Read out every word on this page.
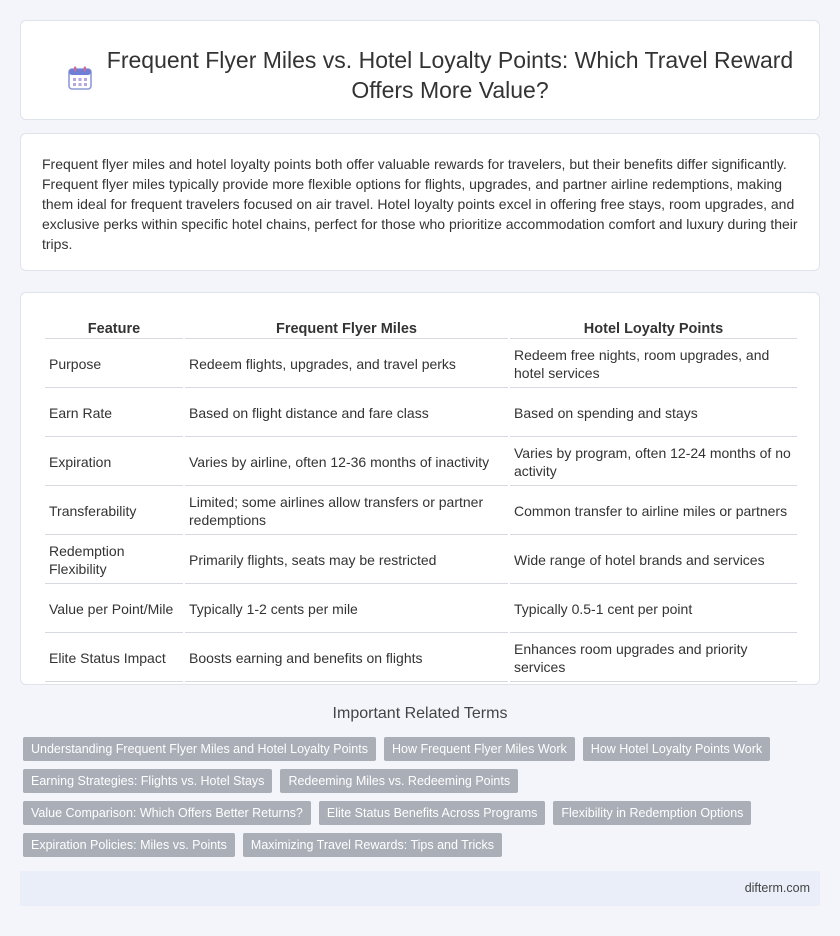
Frequent Flyer Miles vs. Hotel Loyalty Points: Which Travel Reward Offers More Value?

Frequent flyer miles and hotel loyalty points both offer valuable rewards for travelers, but their benefits differ significantly. Frequent flyer miles typically provide more flexible options for flights, upgrades, and partner airline redemptions, making them ideal for frequent travelers focused on air travel. Hotel loyalty points excel in offering free stays, room upgrades, and exclusive perks within specific hotel chains, perfect for those who prioritize accommodation comfort and luxury during their trips.

Feature	Frequent Flyer Miles	Hotel Loyalty Points
Purpose	Redeem flights, upgrades, and travel perks	Redeem free nights, room upgrades, and hotel services
Earn Rate	Based on flight distance and fare class	Based on spending and stays
Expiration	Varies by airline, often 12-36 months of inactivity	Varies by program, often 12-24 months of no activity
Transferability	Limited; some airlines allow transfers or partner redemptions	Common transfer to airline miles or partners
Redemption Flexibility	Primarily flights, seats may be restricted	Wide range of hotel brands and services
Value per Point/Mile	Typically 1-2 cents per mile	Typically 0.5-1 cent per point
Elite Status Impact	Boosts earning and benefits on flights	Enhances room upgrades and priority services
Important Related Terms
Understanding Frequent Flyer Miles and Hotel Loyalty Points	How Frequent Flyer Miles Work	How Hotel Loyalty Points Work
Earning Strategies: Flights vs. Hotel Stays	Redeeming Miles vs. Redeeming Points
Value Comparison: Which Offers Better Returns?	Elite Status Benefits Across Programs	Flexibility in Redemption Options
Expiration Policies: Miles vs. Points	Maximizing Travel Rewards: Tips and Tricks
difterm.com
